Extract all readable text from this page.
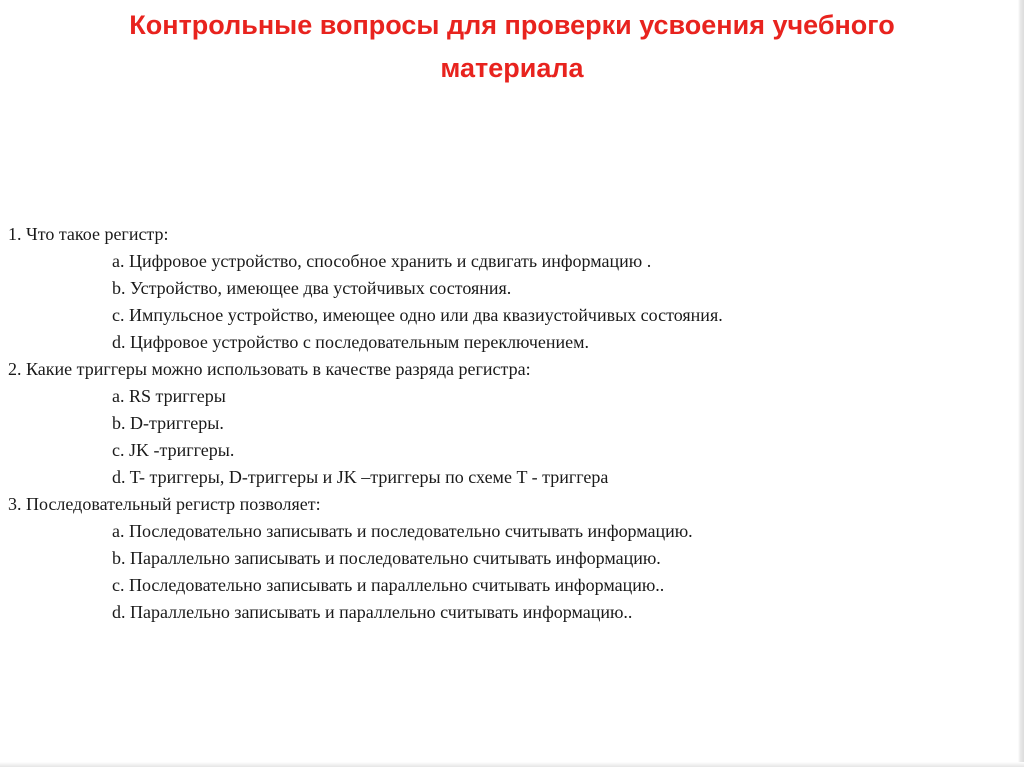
Контрольные вопросы для проверки усвоения учебного материала
1. Что такое регистр:
a. Цифровое устройство, способное хранить и сдвигать информацию .
b. Устройство, имеющее два устойчивых состояния.
c. Импульсное устройство, имеющее одно или два квазиустойчивых состояния.
d. Цифровое устройство с последовательным переключением.
2. Какие триггеры можно использовать в качестве разряда регистра:
a. RS триггеры
b. D-триггеры.
c. JK -триггеры.
d. T- триггеры, D-триггеры и JK –триггеры по схеме T - триггера
3. Последовательный регистр позволяет:
a. Последовательно записывать и последовательно считывать информацию.
b. Параллельно записывать и последовательно считывать информацию.
c. Последовательно записывать и параллельно считывать информацию..
d. Параллельно записывать и параллельно считывать информацию..
